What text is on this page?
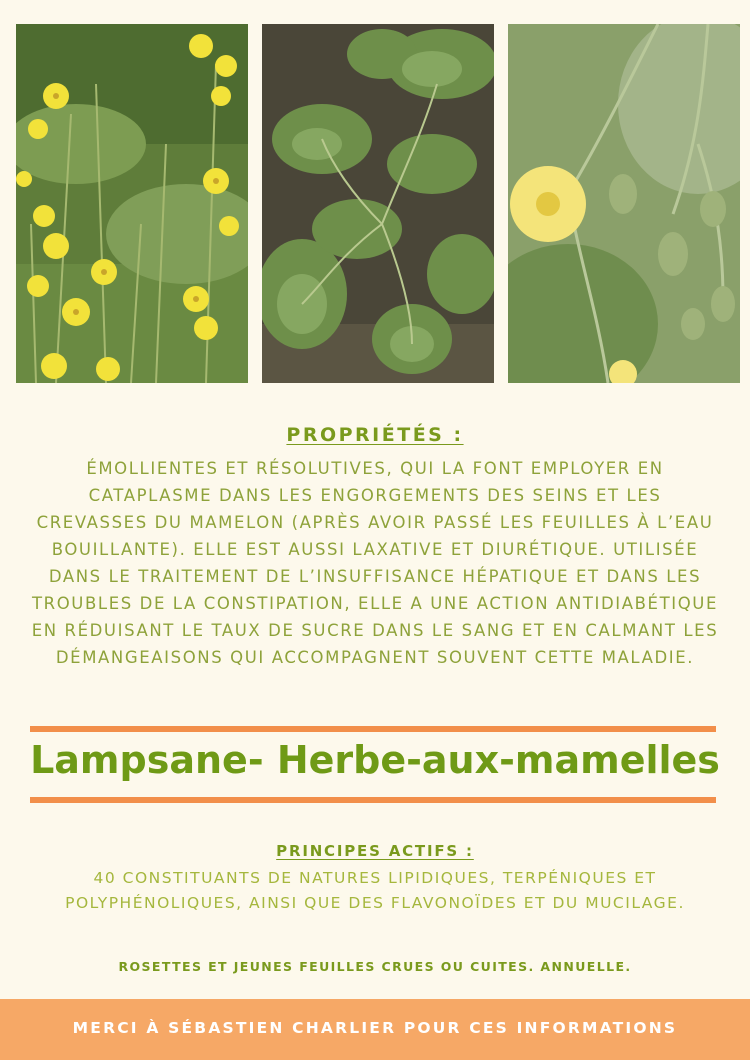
PROPRIÉTÉS :
ÉMOLLIENTES ET RÉSOLUTIVES, QUI LA FONT EMPLOYER EN CATAPLASME DANS LES ENGORGEMENTS DES SEINS ET LES CREVASSES DU MAMELON (APRÈS AVOIR PASSÉ LES FEUILLES À L’EAU BOUILLANTE). ELLE EST AUSSI LAXATIVE ET DIURÉTIQUE. UTILISÉE DANS LE TRAITEMENT DE L’INSUFFISANCE HÉPATIQUE ET DANS LES TROUBLES DE LA CONSTIPATION, ELLE A UNE ACTION ANTIDIABÉTIQUE EN RÉDUISANT LE TAUX DE SUCRE DANS LE SANG ET EN CALMANT LES DÉMANGEAISONS QUI ACCOMPAGNENT SOUVENT CETTE MALADIE.
Lampsane- Herbe-aux-mamelles
PRINCIPES ACTIFS :
40 CONSTITUANTS DE NATURES LIPIDIQUES, TERPÉNIQUES ET POLYPHÉNOLIQUES, AINSI QUE DES FLAVONOÏDES ET DU MUCILAGE.
ROSETTES ET JEUNES FEUILLES CRUES OU CUITES. ANNUELLE.
MERCI À SÉBASTIEN CHARLIER POUR CES INFORMATIONS
